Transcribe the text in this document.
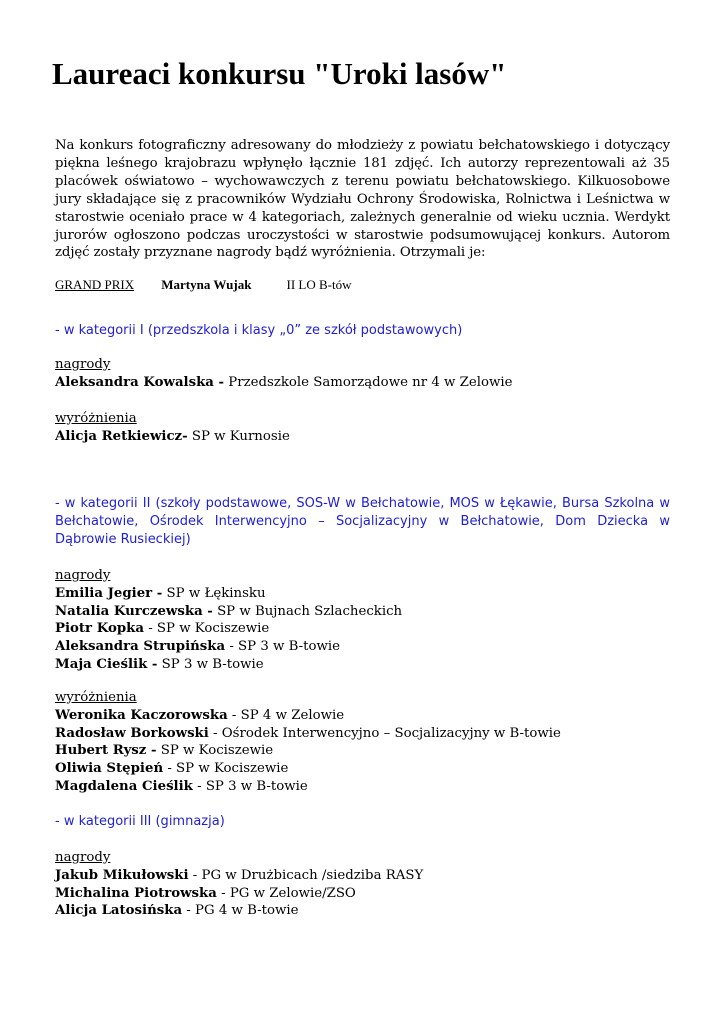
Laureaci konkursu "Uroki lasów"

Na konkurs fotograficzny adresowany do młodzieży z powiatu bełchatowskiego i dotyczący piękna leśnego krajobrazu wpłynęło łącznie 181 zdjęć. Ich autorzy reprezentowali aż 35 placówek oświatowo – wychowawczych z terenu powiatu bełchatowskiego. Kilkuosobowe jury składające się z pracowników Wydziału Ochrony Środowiska, Rolnictwa i Leśnictwa w starostwie oceniało prace w 4 kategoriach, zależnych generalnie od wieku ucznia. Werdykt jurorów ogłoszono podczas uroczystości w starostwie podsumowującej konkurs. Autorom zdjęć zostały przyznane nagrody bądź wyróżnienia. Otrzymali je:

GRAND PRIX Martyna Wujak	II LO B-tów

- w kategorii I (przedszkola i klasy „0” ze szkół podstawowych)

nagrody
Aleksandra Kowalska - Przedszkole Samorządowe nr 4 w Zelowie
wyróżnienia
Alicja Retkiewicz- SP w Kurnosie

- w kategorii II (szkoły podstawowe, SOS-W w Bełchatowie, MOS w Łękawie, Bursa Szkolna w Bełchatowie, Ośrodek Interwencyjno – Socjalizacyjny w Bełchatowie, Dom Dziecka w Dąbrowie Rusieckiej)

nagrody
Emilia Jegier - SP w Łękinsku
Natalia Kurczewska - SP w Bujnach Szlacheckich
Piotr Kopka - SP w Kociszewie
Aleksandra Strupińska - SP 3 w B-towie
Maja Cieślik - SP 3 w B-towie
wyróżnienia
Weronika Kaczorowska - SP 4 w Zelowie
Radosław Borkowski - Ośrodek Interwencyjno – Socjalizacyjny w B-towie
Hubert Rysz - SP w Kociszewie
Oliwia Stępień - SP w Kociszewie
Magdalena Cieślik - SP 3 w B-towie

- w kategorii III (gimnazja)

nagrody
Jakub Mikułowski - PG w Drużbicach /siedziba RASY
Michalina Piotrowska - PG w Zelowie/ZSO
Alicja Latosińska - PG 4 w B-towie
